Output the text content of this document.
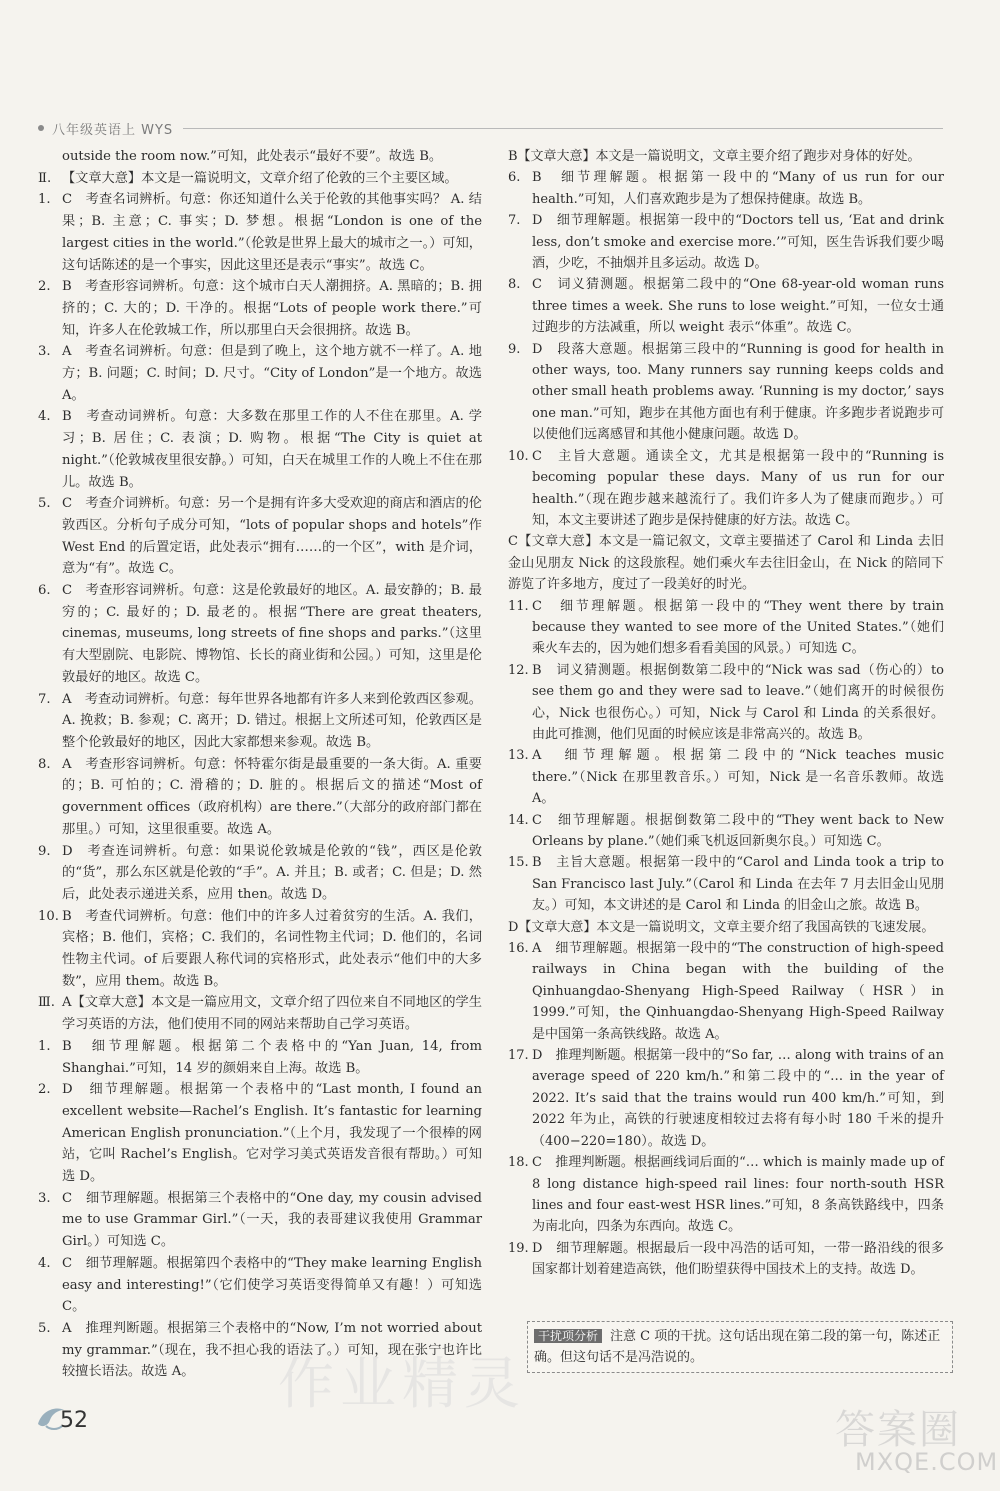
八年级英语上 WYS

outside the room now.”可知，此处表示“最好不要”。故选 B。

Ⅱ. 【文章大意】本文是一篇说明文，文章介绍了伦敦的三个主要区域。
1. C　考查名词辨析。句意：你还知道什么关于伦敦的其他事实吗？ A. 结果；B. 主意；C. 事实；D. 梦想。根据“London is one of the largest cities in the world.”（伦敦是世界上最大的城市之一。）可知，这句话陈述的是一个事实，因此这里还是表示“事实”。故选 C。
2. B　考查形容词辨析。句意：这个城市白天人潮拥挤。A. 黑暗的；B. 拥挤的；C. 大的；D. 干净的。根据“Lots of people work there.”可知，许多人在伦敦城工作，所以那里白天会很拥挤。故选 B。
3. A　考查名词辨析。句意：但是到了晚上，这个地方就不一样了。A. 地方；B. 问题；C. 时间；D. 尺寸。“City of London”是一个地方。故选 A。
4. B　考查动词辨析。句意：大多数在那里工作的人不住在那里。A. 学习；B. 居住；C. 表演；D. 购物。根据“The City is quiet at night.”（伦敦城夜里很安静。）可知，白天在城里工作的人晚上不住在那儿。故选 B。
5. C　考查介词辨析。句意：另一个是拥有许多大受欢迎的商店和酒店的伦敦西区。分析句子成分可知，“lots of popular shops and hotels”作 West End 的后置定语，此处表示“拥有……的一个区”，with 是介词，意为“有”。故选 C。
6. C　考查形容词辨析。句意：这是伦敦最好的地区。A. 最安静的；B. 最穷的；C. 最好的；D. 最老的。根据“There are great theaters, cinemas, museums, long streets of fine shops and parks.”（这里有大型剧院、电影院、博物馆、长长的商业街和公园。）可知，这里是伦敦最好的地区。故选 C。
7. A　考查动词辨析。句意：每年世界各地都有许多人来到伦敦西区参观。A. 挽救；B. 参观；C. 离开；D. 错过。根据上文所述可知，伦敦西区是整个伦敦最好的地区，因此大家都想来参观。故选 B。
8. A　考查形容词辨析。句意：怀特霍尔街是最重要的一条大街。A. 重要的；B. 可怕的；C. 滑稽的；D. 脏的。根据后文的描述“Most of government offices（政府机构）are there.”（大部分的政府部门都在那里。）可知，这里很重要。故选 A。
9. D　考查连词辨析。句意：如果说伦敦城是伦敦的“钱”，西区是伦敦的“货”，那么东区就是伦敦的“手”。A. 并且；B. 或者；C. 但是；D. 然后，此处表示递进关系，应用 then。故选 D。
10. B　考查代词辨析。句意：他们中的许多人过着贫穷的生活。A. 我们，宾格；B. 他们，宾格；C. 我们的，名词性物主代词；D. 他们的，名词性物主代词。of 后要跟人称代词的宾格形式，此处表示“他们中的大多数”，应用 them。故选 B。
Ⅲ. A【文章大意】本文是一篇应用文，文章介绍了四位来自不同地区的学生学习英语的方法，他们使用不同的网站来帮助自己学习英语。
1. B　细节理解题。根据第二个表格中的“Yan Juan, 14, from Shanghai.”可知，14 岁的颜娟来自上海。故选 B。
2. D　细节理解题。根据第一个表格中的“Last month, I found an excellent website—Rachel’s English. It’s fantastic for learning American English pronunciation.”（上个月，我发现了一个很棒的网站，它叫 Rachel’s English。它对学习美式英语发音很有帮助。）可知选 D。
3. C　细节理解题。根据第三个表格中的“One day, my cousin advised me to use Grammar Girl.”（一天，我的表哥建议我使用 Grammar Girl。）可知选 C。
4. C　细节理解题。根据第四个表格中的“They make learning English easy and interesting!”（它们使学习英语变得简单又有趣！）可知选 C。
5. A　推理判断题。根据第三个表格中的“Now, I’m not worried about my grammar.”（现在，我不担心我的语法了。）可知，现在张宁也许比较擅长语法。故选 A。

B【文章大意】本文是一篇说明文，文章主要介绍了跑步对身体的好处。

6. B　细节理解题。根据第一段中的“Many of us run for our health.”可知，人们喜欢跑步是为了想保持健康。故选 B。
7. D　细节理解题。根据第一段中的“Doctors tell us, ‘Eat and drink less, don’t smoke and exercise more.’”可知，医生告诉我们要少喝酒，少吃，不抽烟并且多运动。故选 D。
8. C　词义猜测题。根据第二段中的“One 68-year-old woman runs three times a week. She runs to lose weight.”可知，一位女士通过跑步的方法减重，所以 weight 表示“体重”。故选 C。
9. D　段落大意题。根据第三段中的“Running is good for health in other ways, too. Many runners say running keeps colds and other small heath problems away. ‘Running is my doctor,’ says one man.”可知，跑步在其他方面也有利于健康。许多跑步者说跑步可以使他们远离感冒和其他小健康问题。故选 D。
10. C　主旨大意题。通读全文，尤其是根据第一段中的“Running is becoming popular these days. Many of us run for our health.”（现在跑步越来越流行了。我们许多人为了健康而跑步。）可知，本文主要讲述了跑步是保持健康的好方法。故选 C。

C【文章大意】本文是一篇记叙文，文章主要描述了 Carol 和 Linda 去旧金山见朋友 Nick 的这段旅程。她们乘火车去往旧金山，在 Nick 的陪同下游览了许多地方，度过了一段美好的时光。

11. C　细节理解题。根据第一段中的“They went there by train because they wanted to see more of the United States.”（她们乘火车去的，因为她们想多看看美国的风景。）可知选 C。
12. B　词义猜测题。根据倒数第二段中的“Nick was sad（伤心的）to see them go and they were sad to leave.”（她们离开的时候很伤心，Nick 也很伤心。）可知，Nick 与 Carol 和 Linda 的关系很好。由此可推测，他们见面的时候应该是非常高兴的。故选 B。
13. A　细节理解题。根据第二段中的“Nick teaches music there.”（Nick 在那里教音乐。）可知，Nick 是一名音乐教师。故选 A。
14. C　细节理解题。根据倒数第二段中的“They went back to New Orleans by plane.”（她们乘飞机返回新奥尔良。）可知选 C。
15. B　主旨大意题。根据第一段中的“Carol and Linda took a trip to San Francisco last July.”（Carol 和 Linda 在去年 7 月去旧金山见朋友。）可知，本文讲述的是 Carol 和 Linda 的旧金山之旅。故选 B。

D【文章大意】本文是一篇说明文，文章主要介绍了我国高铁的飞速发展。

16. A　细节理解题。根据第一段中的“The construction of high-speed railways in China began with the building of the Qinhuangdao-Shenyang High-Speed Railway（HSR）in 1999.”可知，the Qinhuangdao-Shenyang High-Speed Railway 是中国第一条高铁线路。故选 A。
17. D　推理判断题。根据第一段中的“So far, … along with trains of an average speed of 220 km/h.”和第二段中的“… in the year of 2022. It’s said that the trains would run 400 km/h.”可知，到 2022 年为止，高铁的行驶速度相较过去将有每小时 180 千米的提升（400−220=180）。故选 D。
18. C　推理判断题。根据画线词后面的“… which is mainly made up of 8 long distance high-speed rail lines: four north-south HSR lines and four east-west HSR lines.”可知，8 条高铁路线中，四条为南北向，四条为东西向。故选 C。
19. D　细节理解题。根据最后一段中冯浩的话可知，一带一路沿线的很多国家都计划着建造高铁，他们盼望获得中国技术上的支持。故选 D。
干扰项分析 注意 C 项的干扰。这句话出现在第二段的第一句，陈述正确。但这句话不是冯浩说的。
52
作业精灵
答案圈
MXQE.COM
